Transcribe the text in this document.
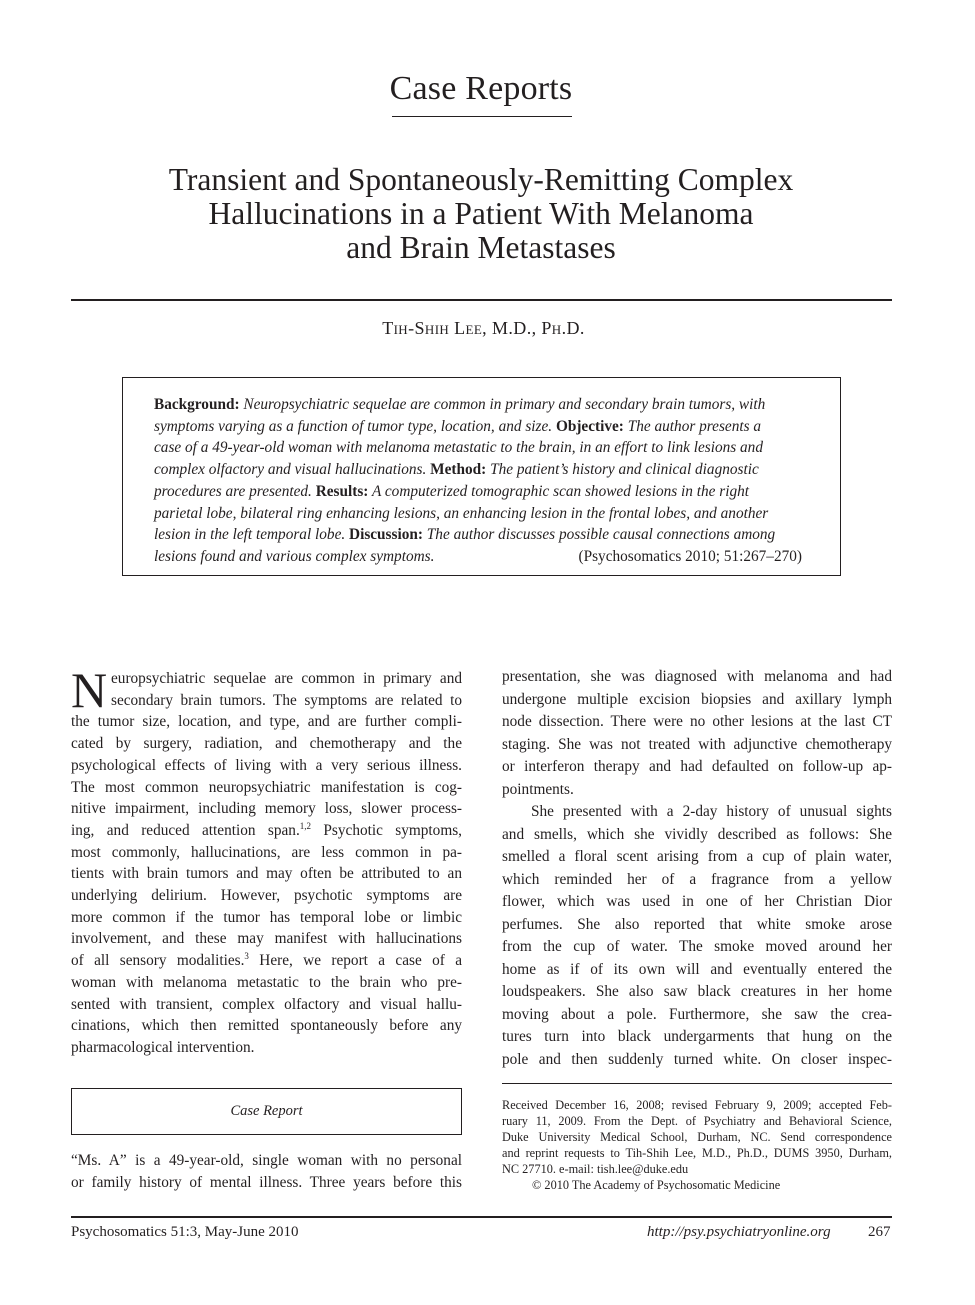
Case Reports
Transient and Spontaneously-Remitting Complex
Hallucinations in a Patient With Melanoma
and Brain Metastases
Tih-Shih Lee, M.D., Ph.D.
Background: Neuropsychiatric sequelae are common in primary and secondary brain tumors, with
symptoms varying as a function of tumor type, location, and size. Objective: The author presents a
case of a 49-year-old woman with melanoma metastatic to the brain, in an effort to link lesions and
complex olfactory and visual hallucinations. Method: The patient’s history and clinical diagnostic
procedures are presented. Results: A computerized tomographic scan showed lesions in the right
parietal lobe, bilateral ring enhancing lesions, an enhancing lesion in the frontal lobes, and another
lesion in the left temporal lobe. Discussion: The author discusses possible causal connections among
lesions found and various complex symptoms.	(Psychosomatics 2010; 51:267–270)
N europsychiatric sequelae are common in primary and
secondary brain tumors. The symptoms are related to
the tumor size, location, and type, and are further compli-
cated by surgery, radiation, and chemotherapy and the
psychological effects of living with a very serious illness.
The most common neuropsychiatric manifestation is cog-
nitive impairment, including memory loss, slower process-
ing, and reduced attention span.$^{1,2}$ Psychotic symptoms,
most commonly, hallucinations, are less common in pa-
tients with brain tumors and may often be attributed to an
underlying delirium. However, psychotic symptoms are
more common if the tumor has temporal lobe or limbic
involvement, and these may manifest with hallucinations
of all sensory modalities.$^3$ Here, we report a case of a
woman with melanoma metastatic to the brain who pre-
sented with transient, complex olfactory and visual hallu-
cinations, which then remitted spontaneously before any
pharmacological intervention.
Case Report
“Ms. A” is a 49-year-old, single woman with no personal
or family history of mental illness. Three years before this
presentation, she was diagnosed with melanoma and had
undergone multiple excision biopsies and axillary lymph
node dissection. There were no other lesions at the last CT
staging. She was not treated with adjunctive chemotherapy
or interferon therapy and had defaulted on follow-up ap-
pointments.
She presented with a 2-day history of unusual sights
and smells, which she vividly described as follows: She
smelled a floral scent arising from a cup of plain water,
which reminded her of a fragrance from a yellow
flower, which was used in one of her Christian Dior
perfumes. She also reported that white smoke arose
from the cup of water. The smoke moved around her
home as if of its own will and eventually entered the
loudspeakers. She also saw black creatures in her home
moving about a pole. Furthermore, she saw the crea-
tures turn into black undergarments that hung on the
pole and then suddenly turned white. On closer inspec-
Received December 16, 2008; revised February 9, 2009; accepted Feb-
ruary 11, 2009. From the Dept. of Psychiatry and Behavioral Science,
Duke University Medical School, Durham, NC. Send correspondence
and reprint requests to Tih-Shih Lee, M.D., Ph.D., DUMS 3950, Durham,
NC 27710. e-mail: tish.lee@duke.edu
© 2010 The Academy of Psychosomatic Medicine
Psychosomatics 51:3, May-June 2010	http://psy.psychiatryonline.org 267
